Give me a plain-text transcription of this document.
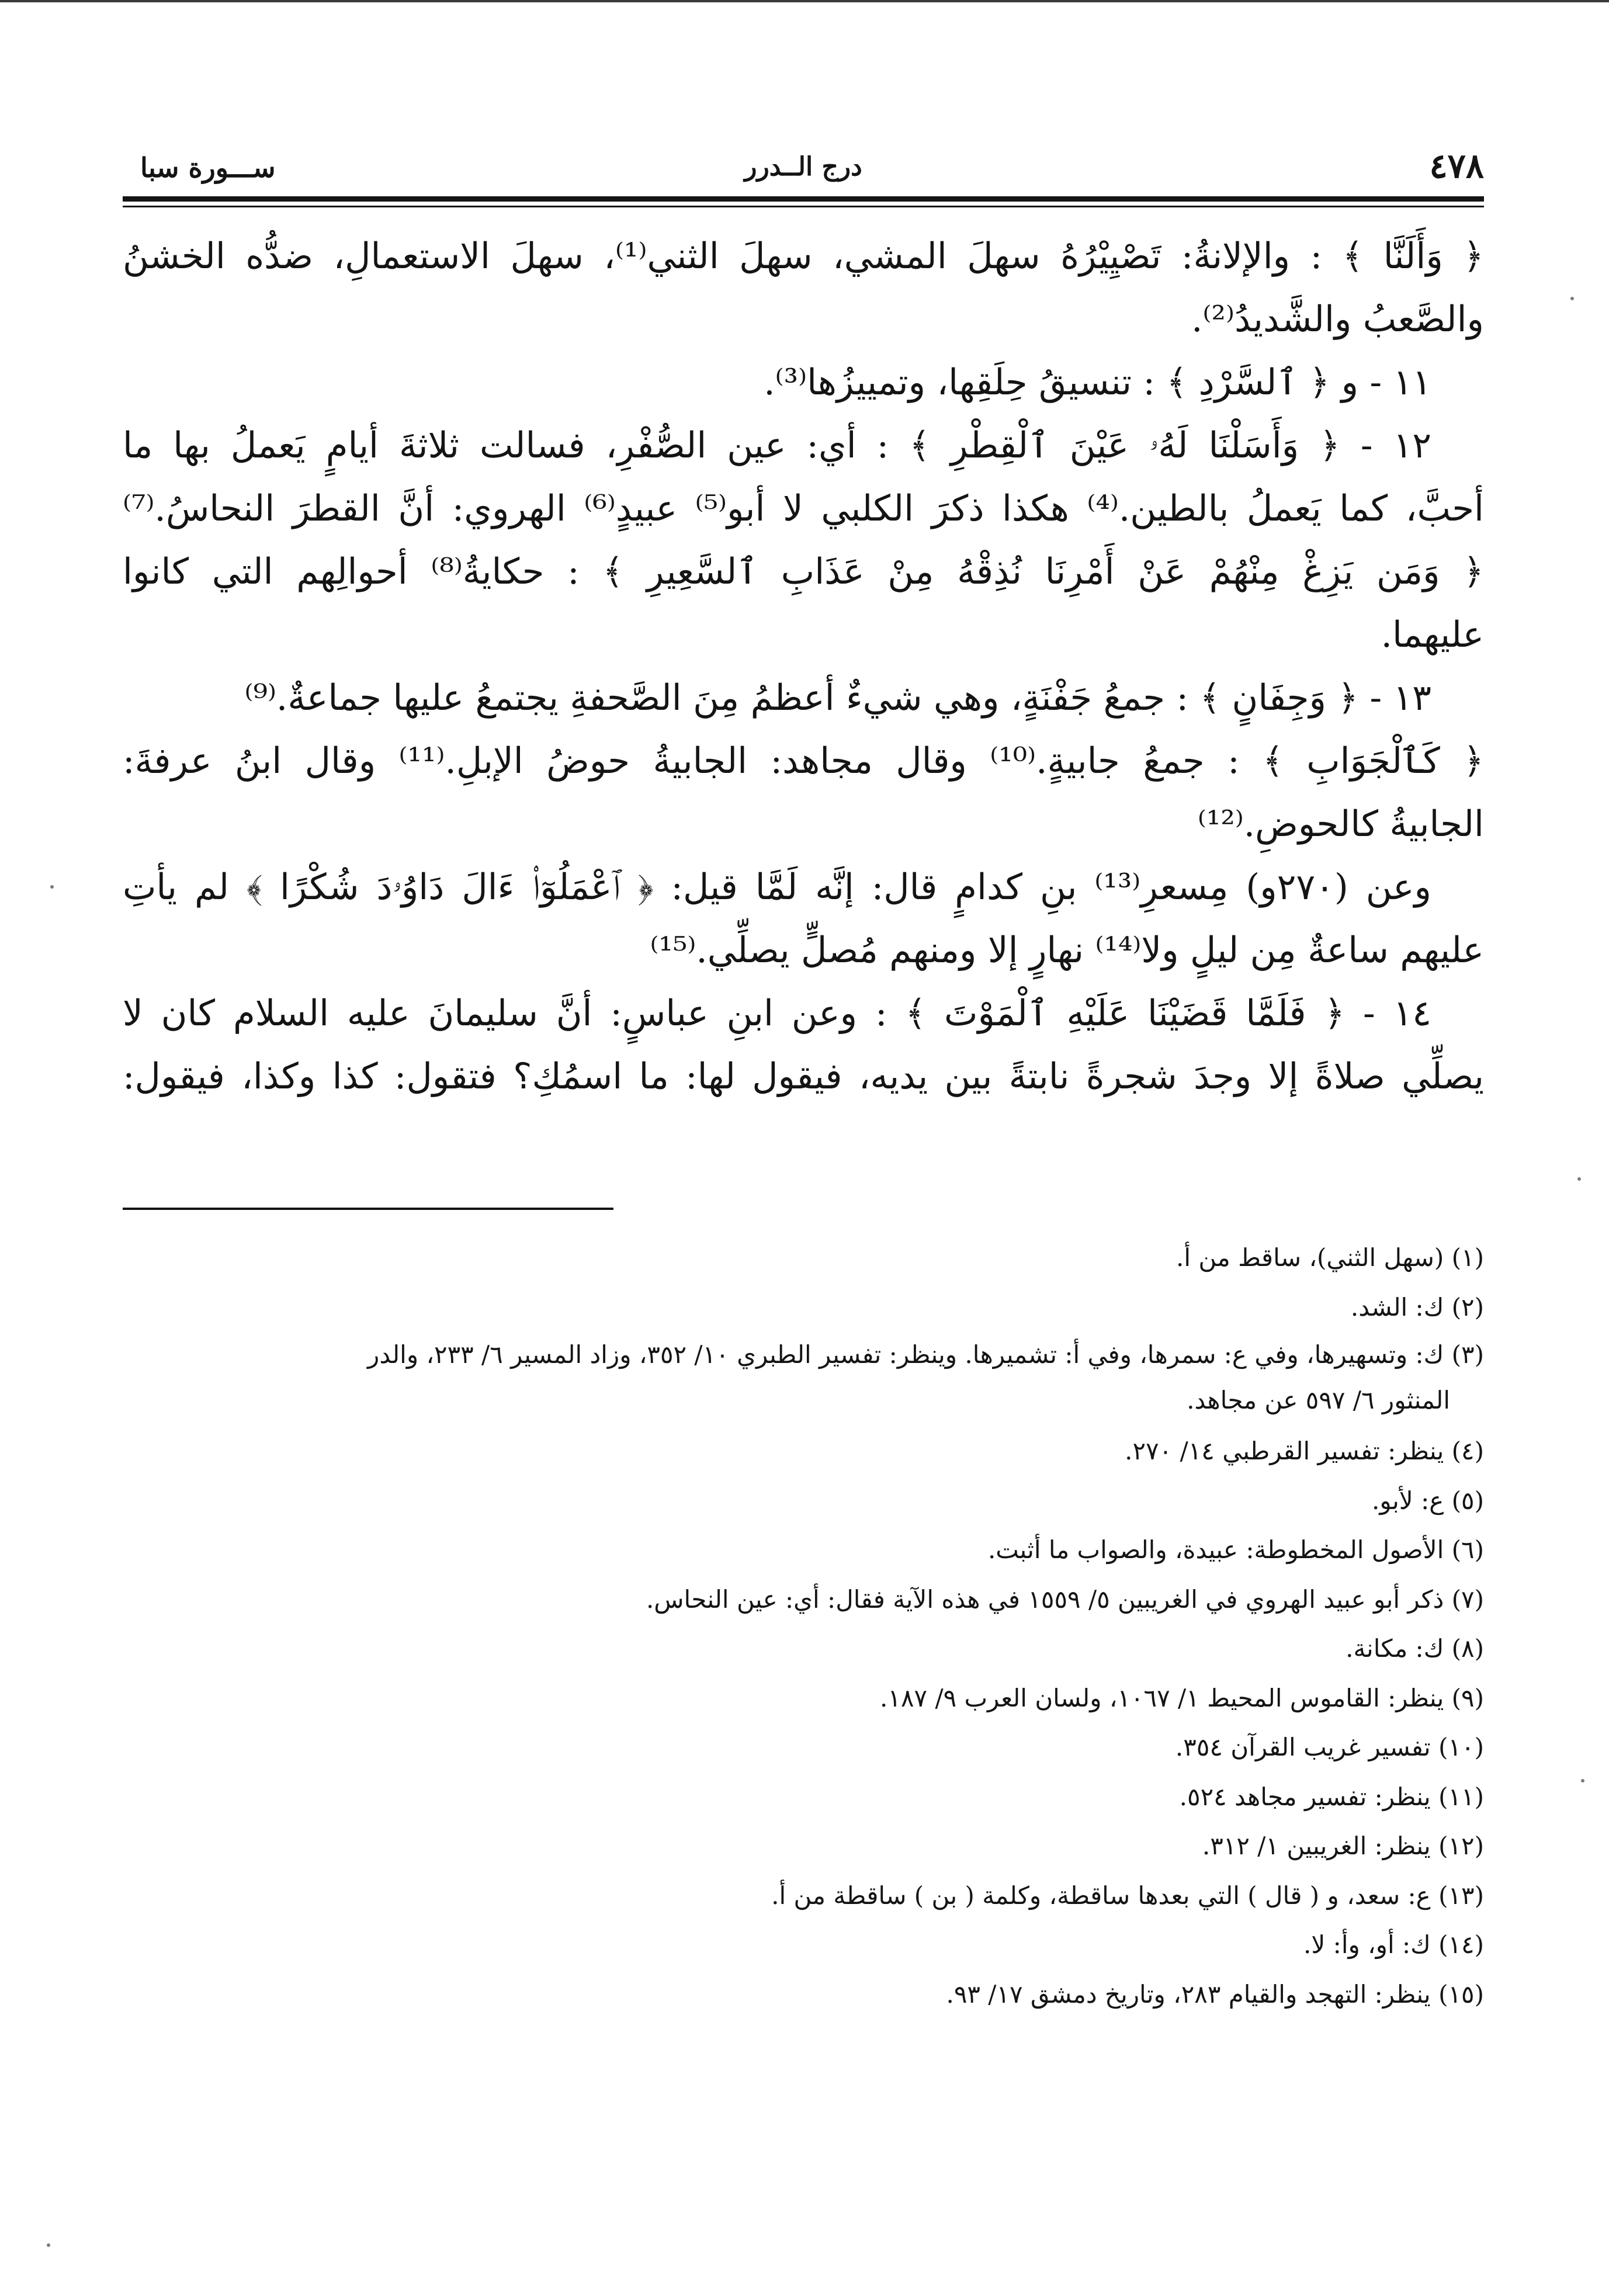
٤٧٨
درج الــدرر
ســـورة سبا

﴿ وَأَلَنَّا ﴾ : والإلانةُ: تَصْيِيْرُهُ سهلَ المشي، سهلَ الثني⁽¹⁾، سهلَ الاستعمالِ، ضدُّه الخشنُ

والصَّعبُ والشَّديدُ⁽²⁾.

١١ - و ﴿ ٱلسَّرْدِ ﴾ : تنسيقُ حِلَقِها، وتمييزُها⁽³⁾.

١٢ - ﴿ وَأَسَلْنَا لَهُۥ عَيْنَ ٱلْقِطْرِ ﴾ : أي: عين الصُّفْرِ، فسالت ثلاثةَ أيامٍ يَعملُ بها ما

أحبَّ، كما يَعملُ بالطين.⁽⁴⁾ هكذا ذكرَ الكلبي لا أبو⁽⁵⁾ عبيدٍ⁽⁶⁾ الهروي: أنَّ القطرَ النحاسُ.⁽⁷⁾

﴿ وَمَن يَزِغْ مِنْهُمْ عَنْ أَمْرِنَا نُذِقْهُ مِنْ عَذَابِ ٱلسَّعِيرِ ﴾ : حكايةُ⁽⁸⁾ أحوالِهم التي كانوا

عليهما.

١٣ - ﴿ وَجِفَانٍ ﴾ : جمعُ جَفْنَةٍ، وهي شيءٌ أعظمُ مِنَ الصَّحفةِ يجتمعُ عليها جماعةٌ.⁽⁹⁾

﴿ كَٱلْجَوَابِ ﴾ : جمعُ جابيةٍ.⁽¹⁰⁾ وقال مجاهد: الجابيةُ حوضُ الإبلِ.⁽¹¹⁾ وقال ابنُ عرفةَ:

الجابيةُ كالحوضِ.⁽¹²⁾

وعن (٢٧٠و) مِسعرِ⁽¹³⁾ بنِ كدامٍ قال: إنَّه لَمَّا قيل: ﴿ ٱعْمَلُوٓا۟ ءَالَ دَاوُۥدَ شُكْرًا ﴾ لم يأتِ

عليهم ساعةٌ مِن ليلٍ ولا⁽¹⁴⁾ نهارٍ إلا ومنهم مُصلٍّ يصلِّي.⁽¹⁵⁾

١٤ - ﴿ فَلَمَّا قَضَيْنَا عَلَيْهِ ٱلْمَوْتَ ﴾ : وعن ابنِ عباسٍ: أنَّ سليمانَ عليه السلام كان لا

يصلِّي صلاةً إلا وجدَ شجرةً نابتةً بين يديه، فيقول لها: ما اسمُكِ؟ فتقول: كذا وكذا، فيقول:

(١) (سهل الثني)، ساقط من أ.

(٢) ك: الشد.

(٣) ك: وتسهيرها، وفي ع: سمرها، وفي أ: تشميرها. وينظر: تفسير الطبري ١٠/ ٣٥٢، وزاد المسير ٦/ ٢٣٣، والدر
المنثور ٦/ ٥٩٧ عن مجاهد.

(٤) ينظر: تفسير القرطبي ١٤/ ٢٧٠.

(٥) ع: لأبو.

(٦) الأصول المخطوطة: عبيدة، والصواب ما أثبت.

(٧) ذكر أبو عبيد الهروي في الغريبين ٥/ ١٥٥٩ في هذه الآية فقال: أي: عين النحاس.

(٨) ك: مكانة.

(٩) ينظر: القاموس المحيط ١/ ١٠٦٧، ولسان العرب ٩/ ١٨٧.

(١٠) تفسير غريب القرآن ٣٥٤.

(١١) ينظر: تفسير مجاهد ٥٢٤.

(١٢) ينظر: الغريبين ١/ ٣١٢.

(١٣) ع: سعد، و ( قال ) التي بعدها ساقطة، وكلمة ( بن ) ساقطة من أ.

(١٤) ك: أو، وأ: لا.

(١٥) ينظر: التهجد والقيام ٢٨٣، وتاريخ دمشق ١٧/ ٩٣.
